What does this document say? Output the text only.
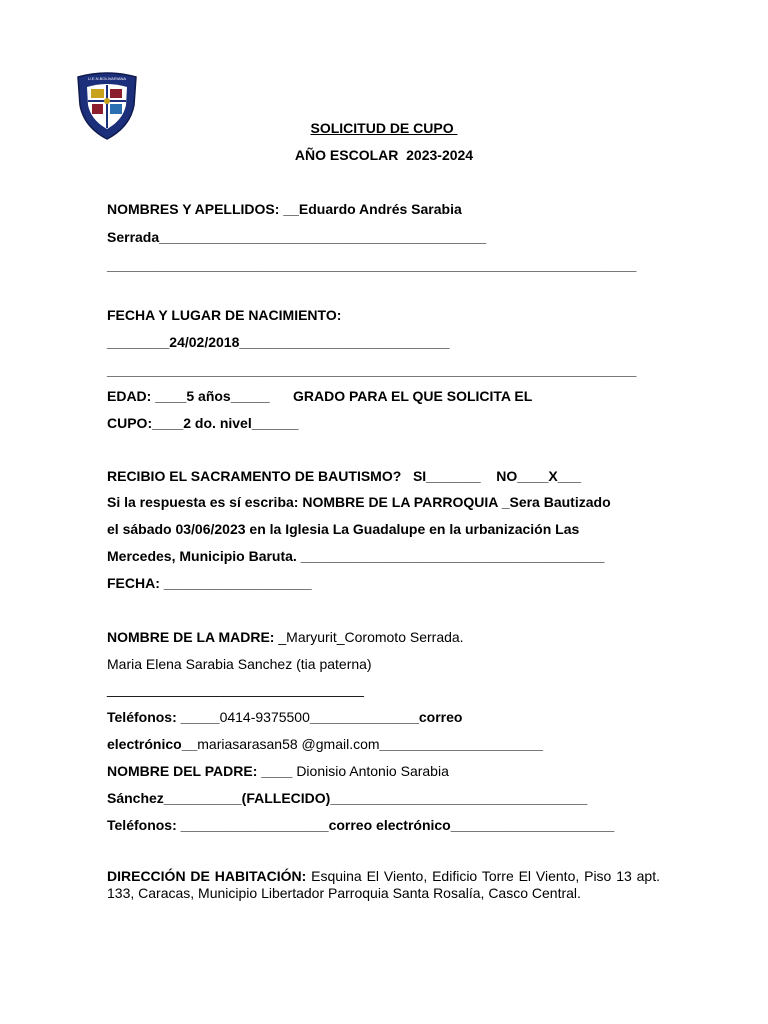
U.E.N.BOLIVARIANA
SOLICITUD DE CUPO
AÑO ESCOLAR  2023-2024
NOMBRES Y APELLIDOS: __Eduardo Andrés Sarabia
Serrada__________________________________________
____________________________________________________________________
FECHA Y LUGAR DE NACIMIENTO:
________24/02/2018___________________________
____________________________________________________________________
EDAD: ____5 años_____      GRADO PARA EL QUE SOLICITA EL
CUPO:____2 do. nivel______
RECIBIO EL SACRAMENTO DE BAUTISMO?   SI_______    NO____X___
Si la respuesta es sí escriba: NOMBRE DE LA PARROQUIA _Sera Bautizado
el sábado 03/06/2023 en la Iglesia La Guadalupe en la urbanización Las
Mercedes, Municipio Baruta. _______________________________________
FECHA: ___________________
NOMBRE DE LA MADRE: _Maryurit_Coromoto Serrada.
Maria Elena Sarabia Sanchez (tia paterna)
_________________________________
Teléfonos: _____0414-9375500______________correo
electrónico__mariasarasan58 @gmail.com_____________________
NOMBRE DEL PADRE: ____ Dionisio Antonio Sarabia
Sánchez__________(FALLECIDO)_________________________________
Teléfonos: ___________________correo electrónico_____________________
DIRECCIÓN DE HABITACIÓN: Esquina El Viento, Edificio Torre El Viento, Piso 13 apt. 133, Caracas, Municipio Libertador Parroquia Santa Rosalía, Casco Central.
